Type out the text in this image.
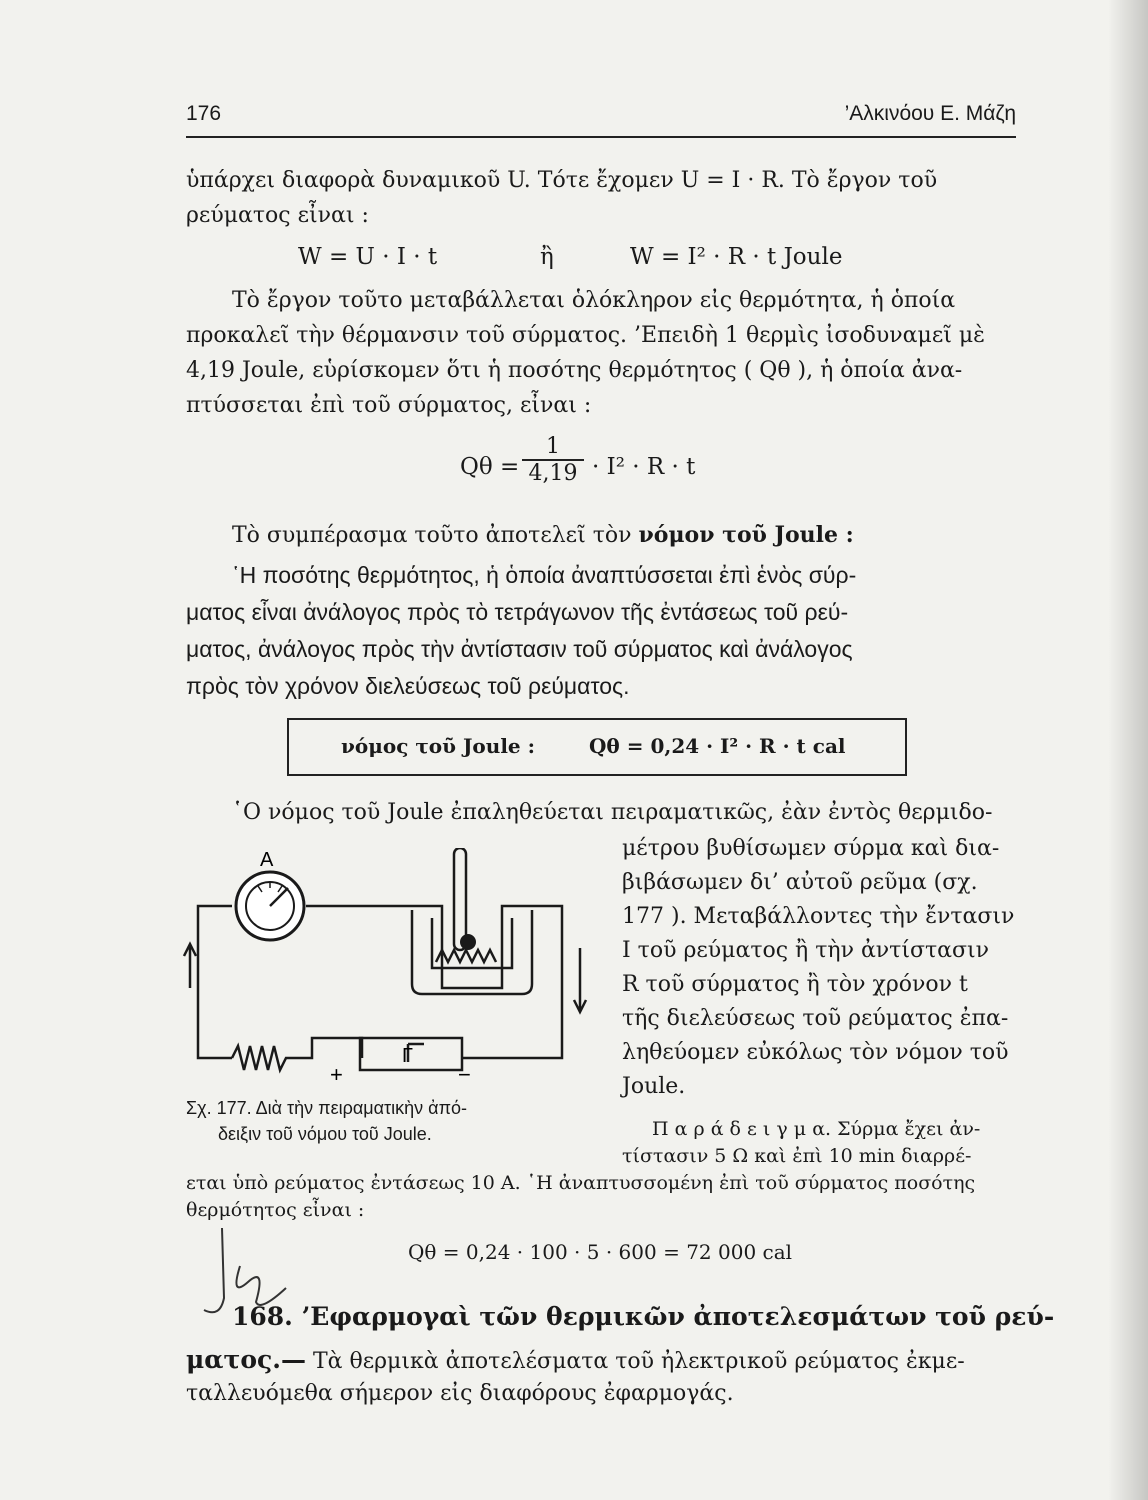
176	’Αλκινόου Ε. Μάζη
ὑπάρχει διαφορὰ δυναμικοῦ U. Τότε ἔχομεν U = I · R. Τὸ ἔργον τοῦ
ρεύματος εἶναι :
W = U · I · t	ἢ	W = I² · R · t Joule
Τὸ ἔργον τοῦτο μεταβάλλεται ὁλόκληρον εἰς θερμότητα, ἡ ὁποία
προκαλεῖ τὴν θέρμανσιν τοῦ σύρματος. ’Επειδὴ 1 θερμὶς ἰσοδυναμεῖ μὲ
4,19 Joule, εὑρίσκομεν ὅτι ἡ ποσότης θερμότητος ( Qθ ), ἡ ὁποία ἀνα-
πτύσσεται ἐπὶ τοῦ σύρματος, εἶναι :
$Q\theta = \frac{1}{4,19} \cdot I^2 \cdot R \cdot t$
Τὸ συμπέρασμα τοῦτο ἀποτελεῖ τὸν νόμον τοῦ Joule :
῾Η ποσότης θερμότητος, ἡ ὁποία ἀναπτύσσεται ἐπὶ ἑνὸς σύρ-
ματος εἶναι ἀνάλογος πρὸς τὸ τετράγωνον τῆς ἐντάσεως τοῦ ρεύ-
ματος, ἀνάλογος πρὸς τὴν ἀντίστασιν τοῦ σύρματος καὶ ἀνάλογος
πρὸς τὸν χρόνον διελεύσεως τοῦ ρεύματος.
νόμος τοῦ Joule :	Qθ = 0,24 · I² · R · t cal
῾Ο νόμος τοῦ Joule ἐπαληθεύεται πειραματικῶς, ἐὰν ἐντὸς θερμιδο-
μέτρου βυθίσωμεν σύρμα καὶ δια-
βιβάσωμεν δι’ αὐτοῦ ρεῦμα (σχ.
177 ). Μεταβάλλοντες τὴν ἔντασιν
I τοῦ ρεύματος ἢ τὴν ἀντίστασιν
R τοῦ σύρματος ἢ τὸν χρόνον t
τῆς διελεύσεως τοῦ ρεύματος ἐπα-
ληθεύομεν εὐκόλως τὸν νόμον τοῦ
Joule.
A
Γ
+	−
Σχ. 177. Διὰ τὴν πειραματικὴν ἀπό-
δειξιν τοῦ νόμου τοῦ Joule.	Π α ρ ά δ ε ι γ μ α. Σύρμα ἔχει ἀν-
τίστασιν 5 Ω καὶ ἐπὶ 10 min διαρρέ-
εται ὑπὸ ρεύματος ἐντάσεως 10 A. ῾Η ἀναπτυσσομένη ἐπὶ τοῦ σύρματος ποσότης
θερμότητος εἶναι :
Qθ = 0,24 · 100 · 5 · 600 = 72 000 cal
168. ’Εφαρμογαὶ τῶν θερμικῶν ἀποτελεσμάτων τοῦ ρεύ-
ματος.— Τὰ θερμικὰ ἀποτελέσματα τοῦ ἠλεκτρικοῦ ρεύματος ἐκμε-
ταλλευόμεθα σήμερον εἰς διαφόρους ἐφαρμογάς.
